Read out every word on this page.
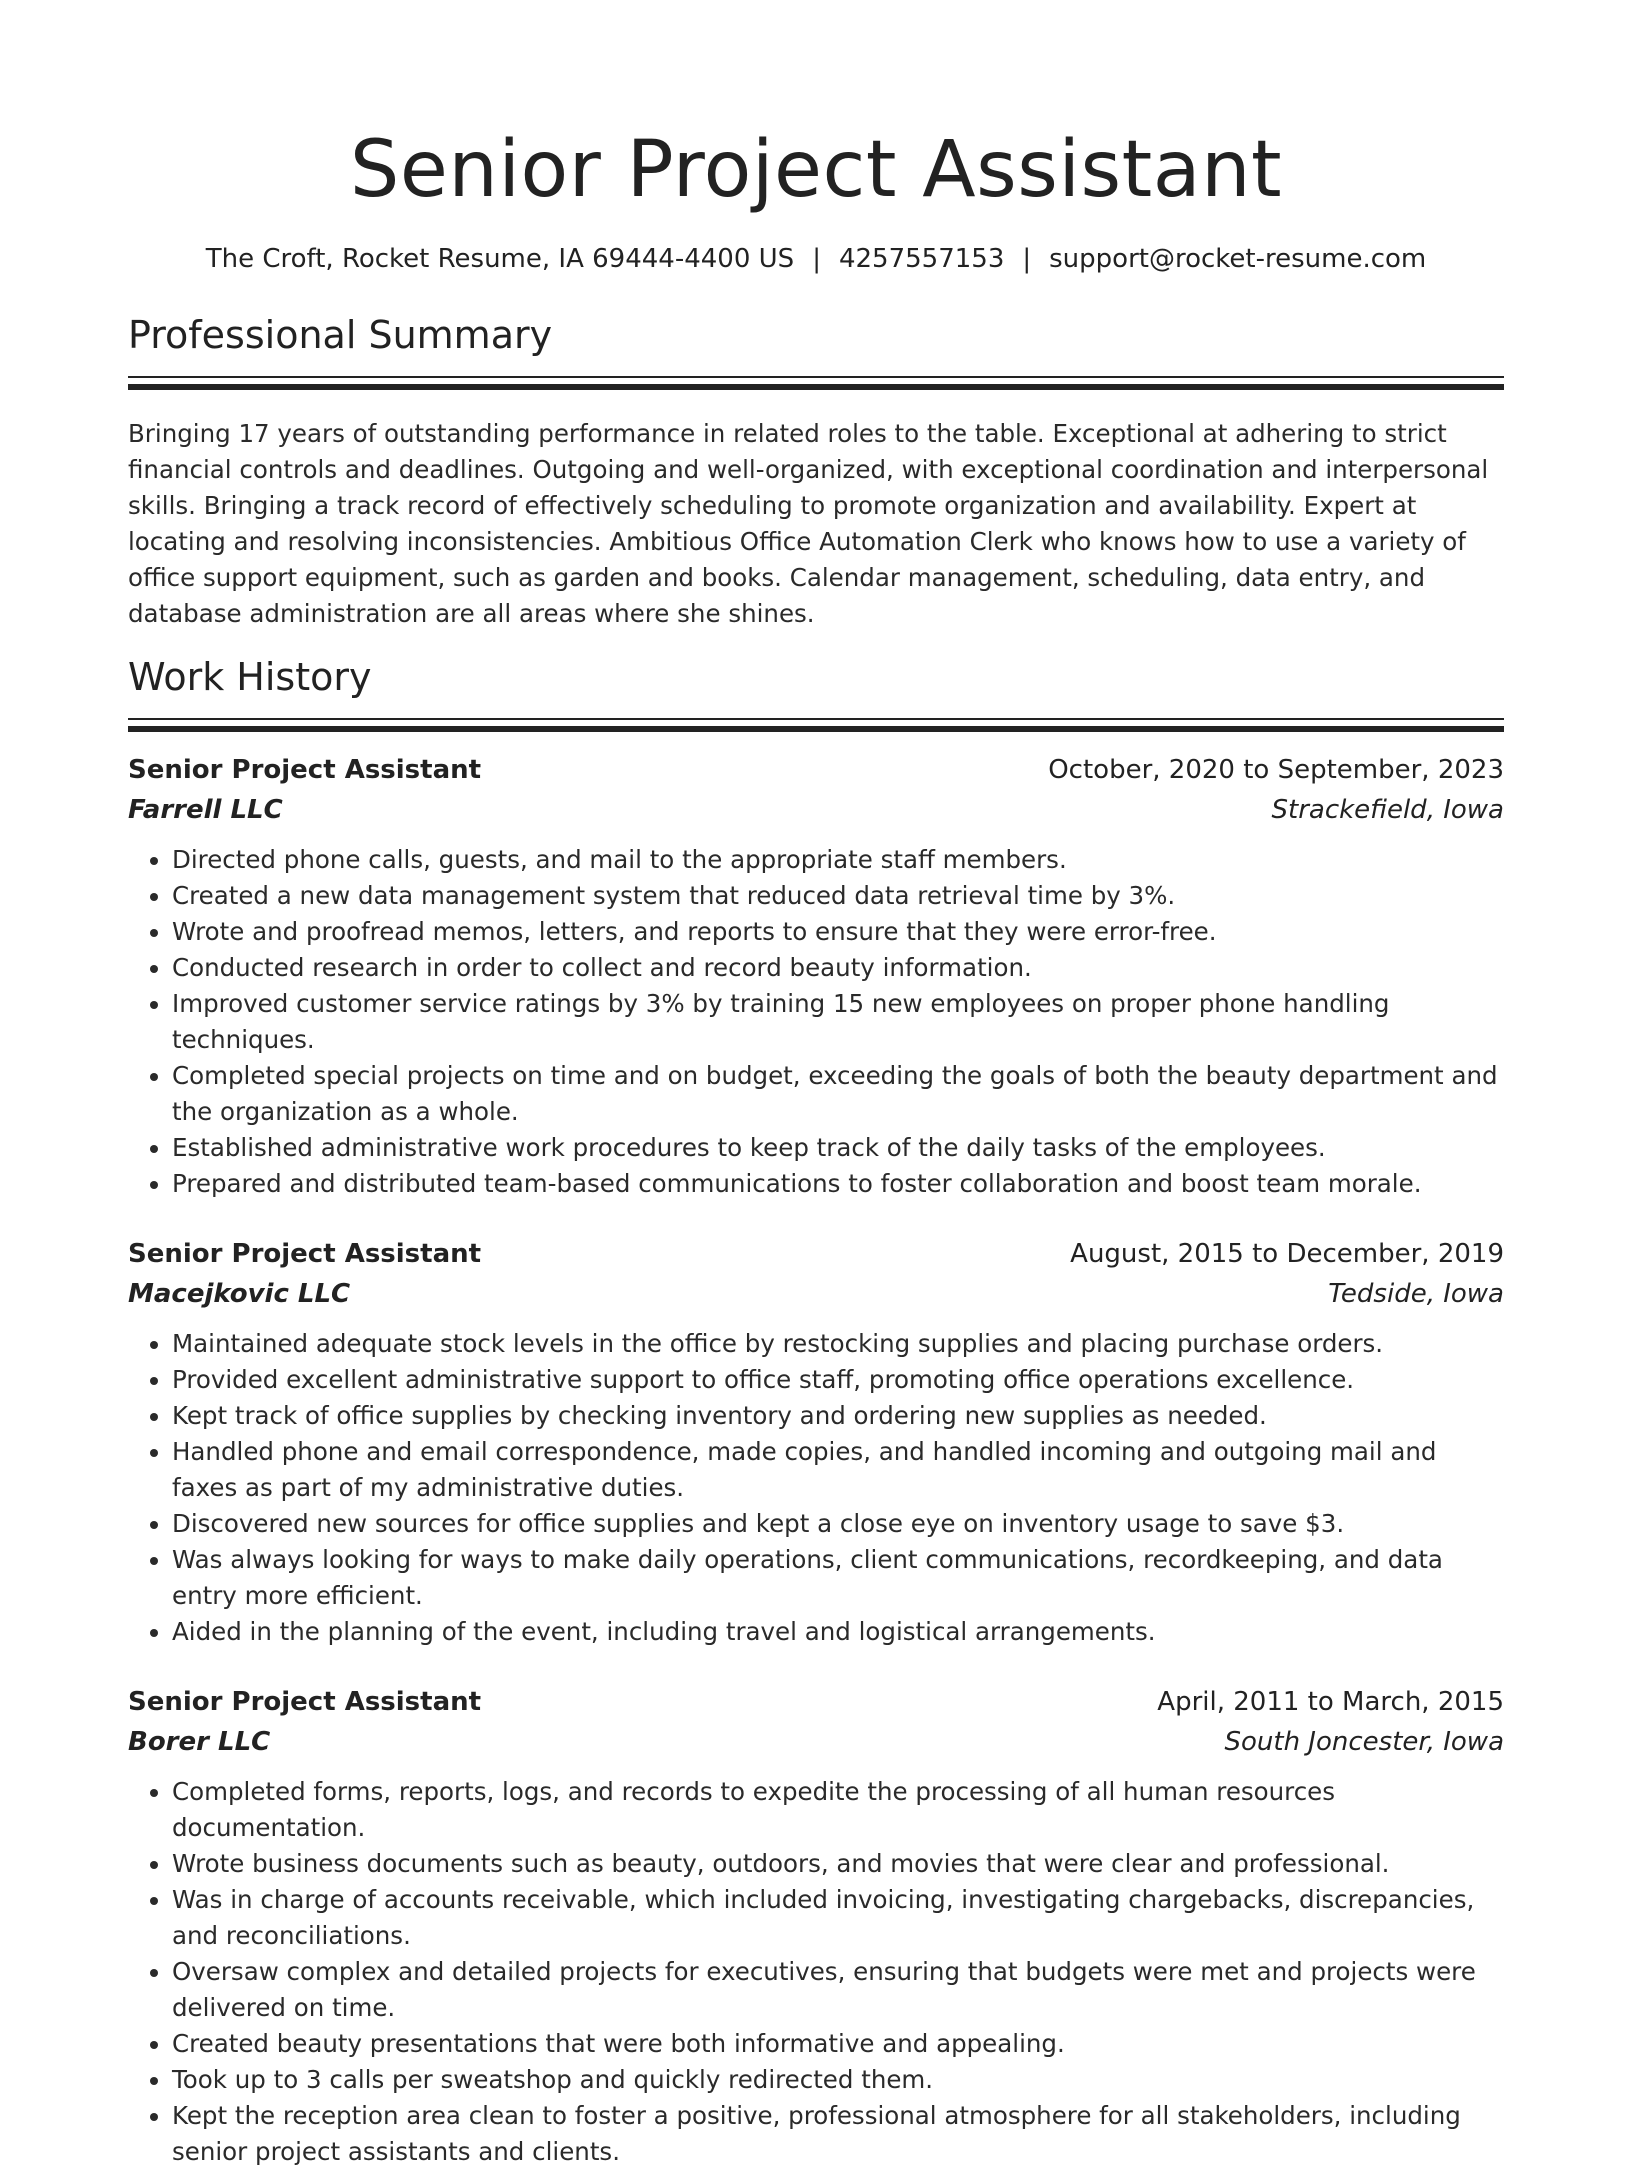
Senior Project Assistant
The Croft, Rocket Resume, IA 69444-4400 US | 4257557153 | support@rocket-resume.com
Professional Summary

Bringing 17 years of outstanding performance in related roles to the table. Exceptional at adhering to strict financial controls and deadlines. Outgoing and well-organized, with exceptional coordination and interpersonal skills. Bringing a track record of effectively scheduling to promote organization and availability. Expert at locating and resolving inconsistencies. Ambitious Office Automation Clerk who knows how to use a variety of office support equipment, such as garden and books. Calendar management, scheduling, data entry, and database administration are all areas where she shines.

Work History
Senior Project Assistant	October, 2020 to September, 2023
Farrell LLC	Strackefield, Iowa
• Directed phone calls, guests, and mail to the appropriate staff members.
• Created a new data management system that reduced data retrieval time by 3%.
• Wrote and proofread memos, letters, and reports to ensure that they were error-free.
• Conducted research in order to collect and record beauty information.
• Improved customer service ratings by 3% by training 15 new employees on proper phone handling techniques.
• Completed special projects on time and on budget, exceeding the goals of both the beauty department and the organization as a whole.
• Established administrative work procedures to keep track of the daily tasks of the employees.
• Prepared and distributed team-based communications to foster collaboration and boost team morale.
Senior Project Assistant	August, 2015 to December, 2019
Macejkovic LLC	Tedside, Iowa
• Maintained adequate stock levels in the office by restocking supplies and placing purchase orders.
• Provided excellent administrative support to office staff, promoting office operations excellence.
• Kept track of office supplies by checking inventory and ordering new supplies as needed.
• Handled phone and email correspondence, made copies, and handled incoming and outgoing mail and faxes as part of my administrative duties.
• Discovered new sources for office supplies and kept a close eye on inventory usage to save $3.
• Was always looking for ways to make daily operations, client communications, recordkeeping, and data entry more efficient.
• Aided in the planning of the event, including travel and logistical arrangements.
Senior Project Assistant	April, 2011 to March, 2015
Borer LLC	South Joncester, Iowa
• Completed forms, reports, logs, and records to expedite the processing of all human resources documentation.
• Wrote business documents such as beauty, outdoors, and movies that were clear and professional.
• Was in charge of accounts receivable, which included invoicing, investigating chargebacks, discrepancies, and reconciliations.
• Oversaw complex and detailed projects for executives, ensuring that budgets were met and projects were delivered on time.
• Created beauty presentations that were both informative and appealing.
• Took up to 3 calls per sweatshop and quickly redirected them.
• Kept the reception area clean to foster a positive, professional atmosphere for all stakeholders, including senior project assistants and clients.
